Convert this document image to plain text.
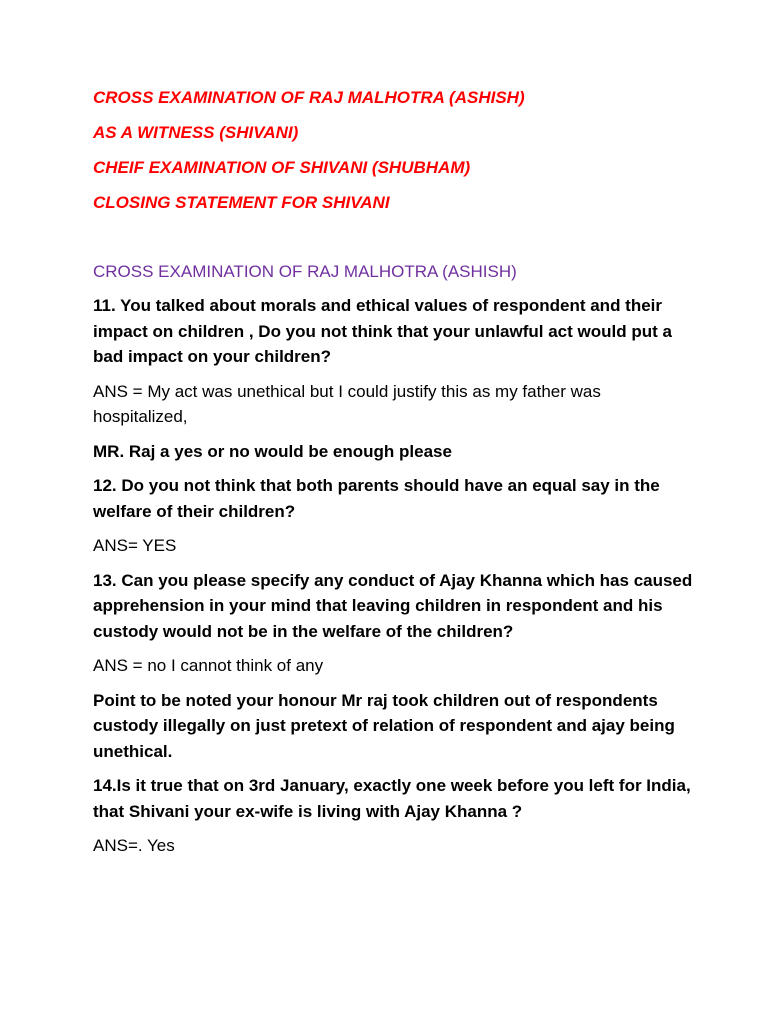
CROSS EXAMINATION OF RAJ MALHOTRA (ASHISH)
AS A WITNESS (SHIVANI)
CHEIF EXAMINATION OF SHIVANI (SHUBHAM)
CLOSING STATEMENT FOR SHIVANI
CROSS EXAMINATION OF RAJ MALHOTRA (ASHISH)
11. You talked about morals and ethical values of respondent and their impact on children , Do you not think that your unlawful act would put a bad impact on your children?
ANS = My act was unethical but I could justify this as my father was hospitalized,
MR. Raj a yes or no would be enough please
12. Do you not think that both parents should have an equal say in the welfare of their children?
ANS= YES
13. Can you please specify any conduct of Ajay Khanna which has caused apprehension in your mind that leaving children in respondent and his custody would not be in the welfare of the children?
ANS = no I cannot think of any
Point to be noted your honour Mr raj took children out of respondents custody illegally on just pretext of relation of respondent and ajay being unethical.
14.Is it true that on 3rd January, exactly one week before you left for India, that Shivani your ex-wife is living with Ajay Khanna ?
ANS=. Yes
